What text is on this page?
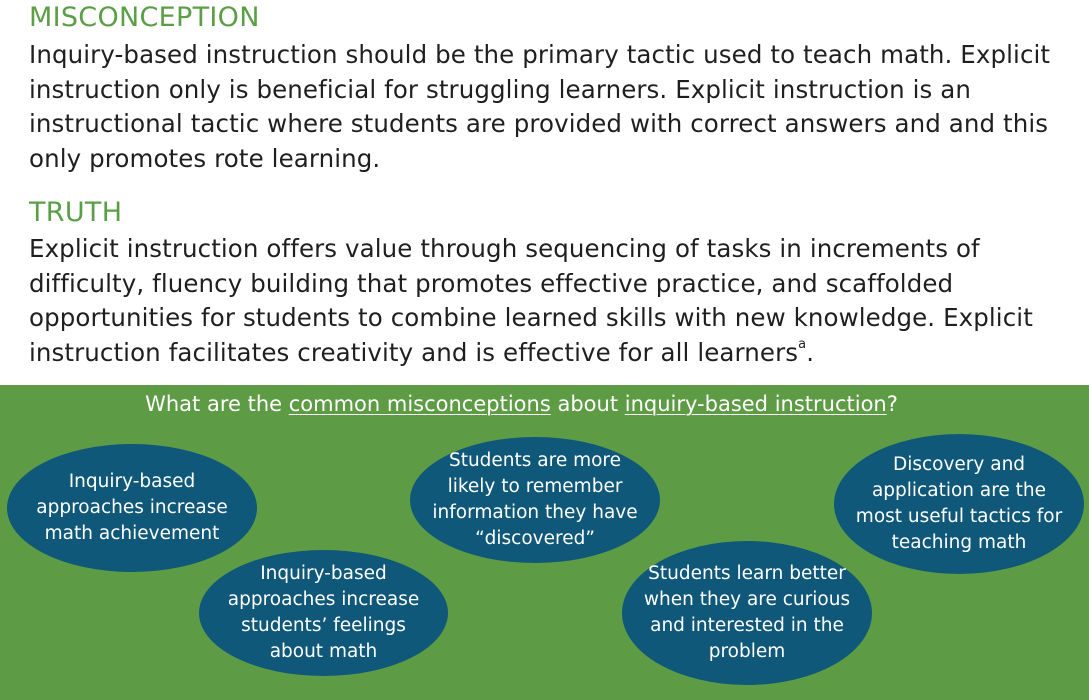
MISCONCEPTION

Inquiry-based instruction should be the primary tactic used to teach math. Explicit instruction only is beneficial for struggling learners. Explicit instruction is an instructional tactic where students are provided with correct answers and and this only promotes rote learning.

TRUTH

Explicit instruction offers value through sequencing of tasks in increments of difficulty, fluency building that promotes effective practice, and scaffolded opportunities for students to combine learned skills with new knowledge. Explicit instruction facilitates creativity and is effective for all learners$^a$.

What are the common misconceptions about inquiry-based instruction?
Inquiry-based approaches increase math achievement
Inquiry-based approaches increase students’ feelings about math
Students are more likely to remember information they have “discovered”
Students learn better when they are curious and interested in the problem
Discovery and application are the most useful tactics for teaching math
